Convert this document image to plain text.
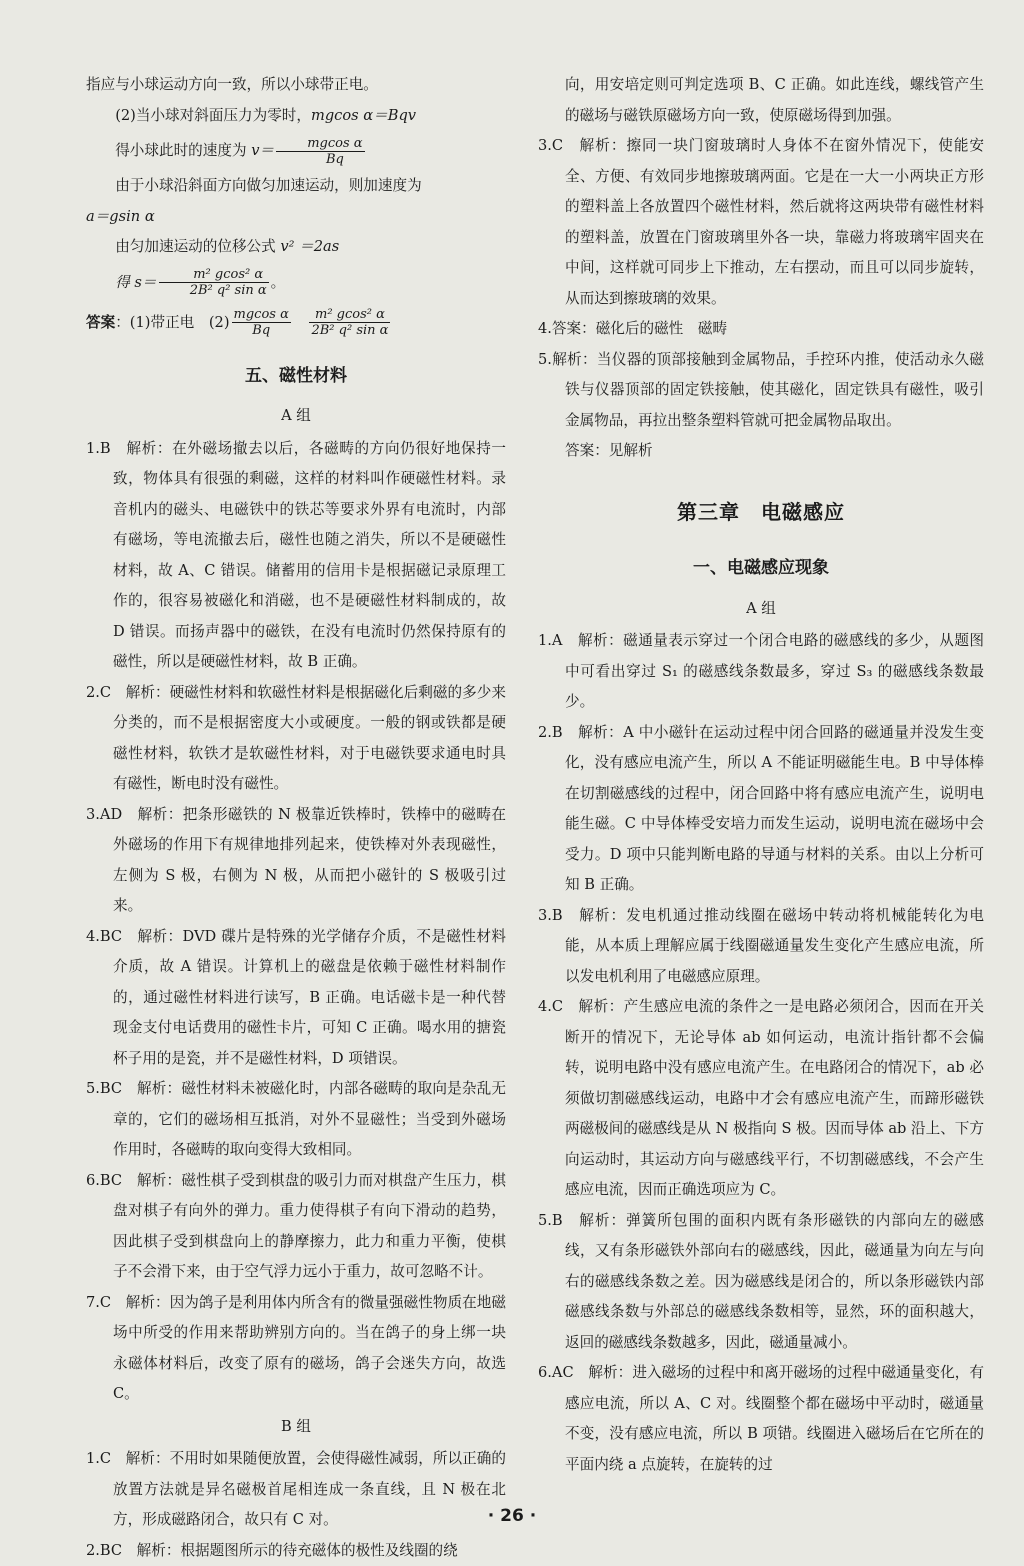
指应与小球运动方向一致，所以小球带正电。
(2)当小球对斜面压力为零时，mgcos α＝Bqv
得小球此时的速度为 $v= \frac{\text{mgcos α}}{Bq}$
由于小球沿斜面方向做匀加速运动，则加速度为
a＝gsin α
由匀加速运动的位移公式 v² ＝2as
得 $s= \frac{\text{m² gcos² α}}{\text{2B² q² sin α}}$ 。
答案：(1)带正电　$(2) \frac{\text{mgcos α}}{Bq}$
　 $\frac{\text{m² gcos² α}}{\text{2B² q² sin α}}$
五、磁性材料
A 组
1.B　解析：在外磁场撤去以后，各磁畴的方向仍很好地保持一致，物体具有很强的剩磁，这样的材料叫作硬磁性材料。录音机内的磁头、电磁铁中的铁芯等要求外界有电流时，内部有磁场，等电流撤去后，磁性也随之消失，所以不是硬磁性材料，故 A、C 错误。储蓄用的信用卡是根据磁记录原理工作的，很容易被磁化和消磁，也不是硬磁性材料制成的，故 D 错误。而扬声器中的磁铁，在没有电流时仍然保持原有的磁性，所以是硬磁性材料，故 B 正确。
2.C　解析：硬磁性材料和软磁性材料是根据磁化后剩磁的多少来分类的，而不是根据密度大小或硬度。一般的钢或铁都是硬磁性材料，软铁才是软磁性材料，对于电磁铁要求通电时具有磁性，断电时没有磁性。
3.AD　解析：把条形磁铁的 N 极靠近铁棒时，铁棒中的磁畴在外磁场的作用下有规律地排列起来，使铁棒对外表现磁性，左侧为 S 极，右侧为 N 极，从而把小磁针的 S 极吸引过来。
4.BC　解析：DVD 碟片是特殊的光学储存介质，不是磁性材料介质，故 A 错误。计算机上的磁盘是依赖于磁性材料制作的，通过磁性材料进行读写，B 正确。电话磁卡是一种代替现金支付电话费用的磁性卡片，可知 C 正确。喝水用的搪瓷杯子用的是瓷，并不是磁性材料，D 项错误。
5.BC　解析：磁性材料未被磁化时，内部各磁畴的取向是杂乱无章的，它们的磁场相互抵消，对外不显磁性；当受到外磁场作用时，各磁畴的取向变得大致相同。
6.BC　解析：磁性棋子受到棋盘的吸引力而对棋盘产生压力，棋盘对棋子有向外的弹力。重力使得棋子有向下滑动的趋势，因此棋子受到棋盘向上的静摩擦力，此力和重力平衡，使棋子不会滑下来，由于空气浮力远小于重力，故可忽略不计。
7.C　解析：因为鸽子是利用体内所含有的微量强磁性物质在地磁场中所受的作用来帮助辨别方向的。当在鸽子的身上绑一块永磁体材料后，改变了原有的磁场，鸽子会迷失方向，故选 C。
B 组
1.C　解析：不用时如果随便放置，会使得磁性减弱，所以正确的放置方法就是异名磁极首尾相连成一条直线，且 N 极在北方，形成磁路闭合，故只有 C 对。
2.BC　解析：根据题图所示的待充磁体的极性及线圈的绕
向，用安培定则可判定选项 B、C 正确。如此连线，螺线管产生的磁场与磁铁原磁场方向一致，使原磁场得到加强。
3.C　解析：擦同一块门窗玻璃时人身体不在窗外情况下，使能安全、方便、有效同步地擦玻璃两面。它是在一大一小两块正方形的塑料盖上各放置四个磁性材料，然后就将这两块带有磁性材料的塑料盖，放置在门窗玻璃里外各一块，靠磁力将玻璃牢固夹在中间，这样就可同步上下推动，左右摆动，而且可以同步旋转，从而达到擦玻璃的效果。
4.答案：磁化后的磁性　磁畴
5.解析：当仪器的顶部接触到金属物品，手控环内推，使活动永久磁铁与仪器顶部的固定铁接触，使其磁化，固定铁具有磁性，吸引金属物品，再拉出整条塑料管就可把金属物品取出。
答案：见解析
第三章　电磁感应
一、电磁感应现象
A 组
1.A　解析：磁通量表示穿过一个闭合电路的磁感线的多少，从题图中可看出穿过 S₁ 的磁感线条数最多，穿过 S₃ 的磁感线条数最少。
2.B　解析：A 中小磁针在运动过程中闭合回路的磁通量并没发生变化，没有感应电流产生，所以 A 不能证明磁能生电。B 中导体棒在切割磁感线的过程中，闭合回路中将有感应电流产生，说明电能生磁。C 中导体棒受安培力而发生运动，说明电流在磁场中会受力。D 项中只能判断电路的导通与材料的关系。由以上分析可知 B 正确。
3.B　解析：发电机通过推动线圈在磁场中转动将机械能转化为电能，从本质上理解应属于线圈磁通量发生变化产生感应电流，所以发电机利用了电磁感应原理。
4.C　解析：产生感应电流的条件之一是电路必须闭合，因而在开关断开的情况下，无论导体 ab 如何运动，电流计指针都不会偏转，说明电路中没有感应电流产生。在电路闭合的情况下，ab 必须做切割磁感线运动，电路中才会有感应电流产生，而蹄形磁铁两磁极间的磁感线是从 N 极指向 S 极。因而导体 ab 沿上、下方向运动时，其运动方向与磁感线平行，不切割磁感线，不会产生感应电流，因而正确选项应为 C。
5.B　解析：弹簧所包围的面积内既有条形磁铁的内部向左的磁感线，又有条形磁铁外部向右的磁感线，因此，磁通量为向左与向右的磁感线条数之差。因为磁感线是闭合的，所以条形磁铁内部磁感线条数与外部总的磁感线条数相等，显然，环的面积越大，返回的磁感线条数越多，因此，磁通量减小。
6.AC　解析：进入磁场的过程中和离开磁场的过程中磁通量变化，有感应电流，所以 A、C 对。线圈整个都在磁场中平动时，磁通量不变，没有感应电流，所以 B 项错。线圈进入磁场后在它所在的平面内绕 a 点旋转，在旋转的过
· 26 ·
